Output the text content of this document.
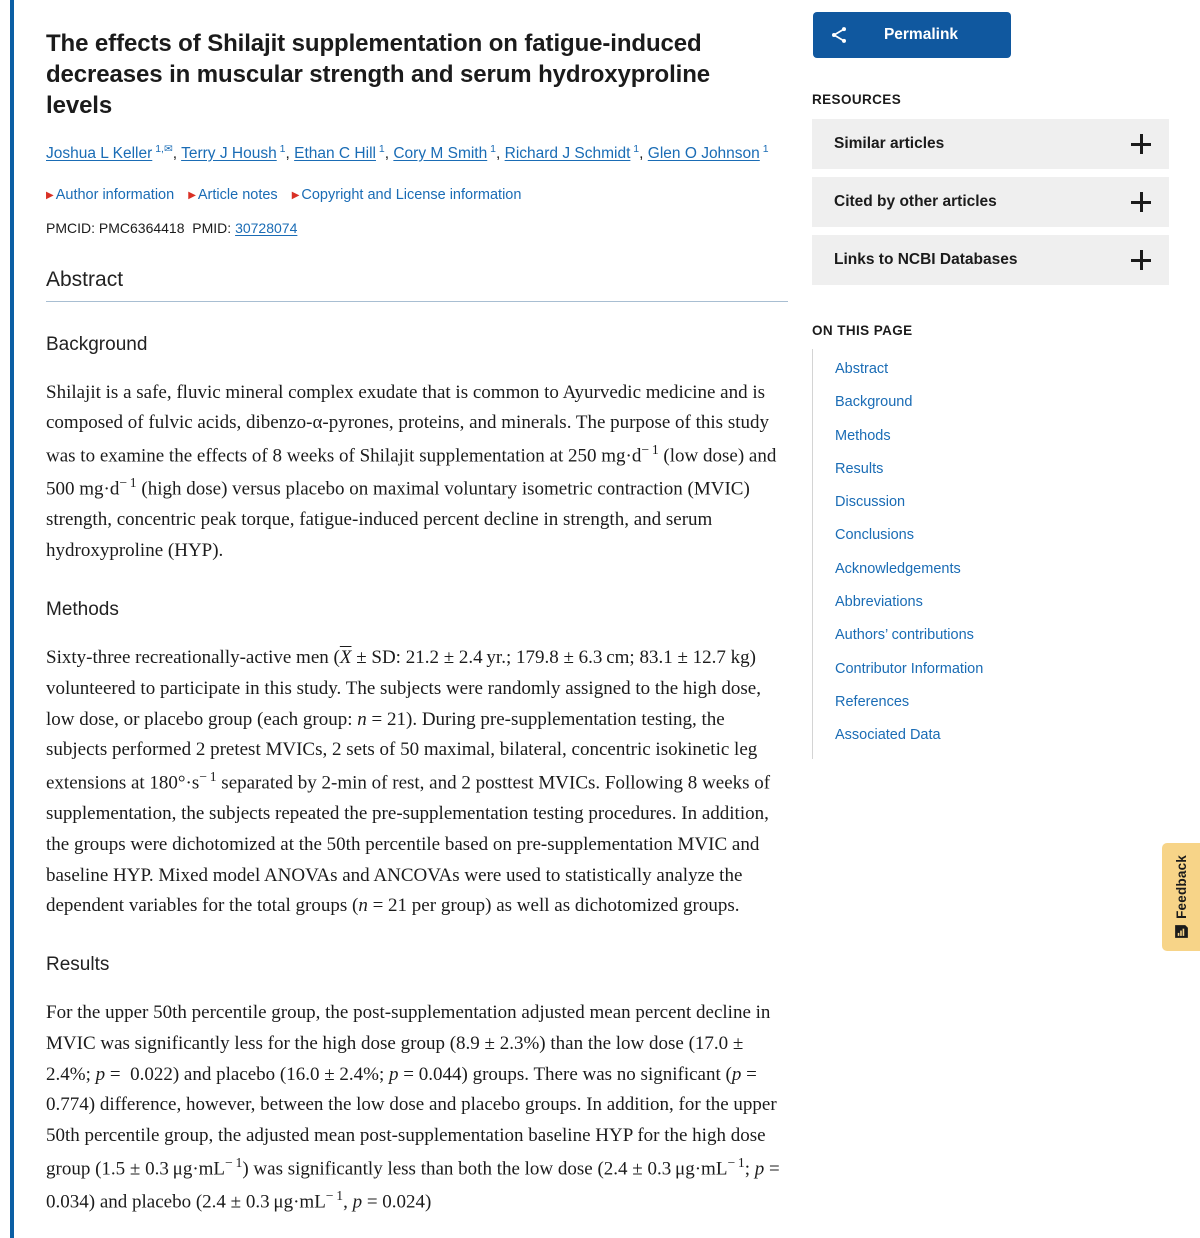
The effects of Shilajit supplementation on fatigue-induced decreases in muscular strength and serum hydroxyproline levels
Joshua L Keller $^{1,✉}$, Terry J Housh $^1$, Ethan C Hill $^1$, Cory M Smith $^1$, Richard J Schmidt $^1$, Glen O Johnson $^1$
▶ Author information ▶ Article notes ▶ Copyright and License information
PMCID: PMC6364418 PMID: 30728074
Abstract
Background

Shilajit is a safe, fluvic mineral complex exudate that is common to Ayurvedic medicine and is composed of fulvic acids, dibenzo-α-pyrones, proteins, and minerals. The purpose of this study was to examine the effects of 8 weeks of Shilajit supplementation at 250 $mg\cdot d^{- 1}$ (low dose) and 500 $mg\cdot d^{- 1}$ (high dose) versus placebo on maximal voluntary isometric contraction (MVIC) strength, concentric peak torque, fatigue-induced percent decline in strength, and serum hydroxyproline (HYP).

Methods

Sixty-three recreationally-active men ($\overline{X}$ ± SD: 21.2 ± 2.4 yr.; 179.8 ± 6.3 cm; 83.1 ± 12.7 kg) volunteered to participate in this study. The subjects were randomly assigned to the high dose, low dose, or placebo group (each group: n = 21). During pre-supplementation testing, the subjects performed 2 pretest MVICs, 2 sets of 50 maximal, bilateral, concentric isokinetic leg extensions at $180^\circ\cdot s^{- 1}$ separated by 2-min of rest, and 2 posttest MVICs. Following 8 weeks of supplementation, the subjects repeated the pre-supplementation testing procedures. In addition, the groups were dichotomized at the 50th percentile based on pre-supplementation MVIC and baseline HYP. Mixed model ANOVAs and ANCOVAs were used to statistically analyze the dependent variables for the total groups (n = 21 per group) as well as dichotomized groups.

Results

For the upper 50th percentile group, the post-supplementation adjusted mean percent decline in MVIC was significantly less for the high dose group (8.9 ± 2.3%) than the low dose (17.0 ± 2.4%; p =  0.022) and placebo (16.0 ± 2.4%; p = 0.044) groups. There was no significant (p = 0.774) difference, however, between the low dose and placebo groups. In addition, for the upper 50th percentile group, the adjusted mean post-supplementation baseline HYP for the high dose group (1.5 ± 0.3 $\mu g\cdot mL^{- 1}$) was significantly less than both the low dose (2.4 ± 0.3 $\mu g\cdot mL^{- 1}$; p = 0.034) and placebo (2.4 ± 0.3 $\mu g\cdot mL^{- 1}$, p = 0.024)

Permalink
RESOURCES
Similar articles
Cited by other articles
Links to NCBI Databases
ON THIS PAGE
Abstract
Background
Methods
Results
Discussion
Conclusions
Acknowledgements
Abbreviations
Authors’ contributions
Contributor Information
References
Associated Data
Feedback
